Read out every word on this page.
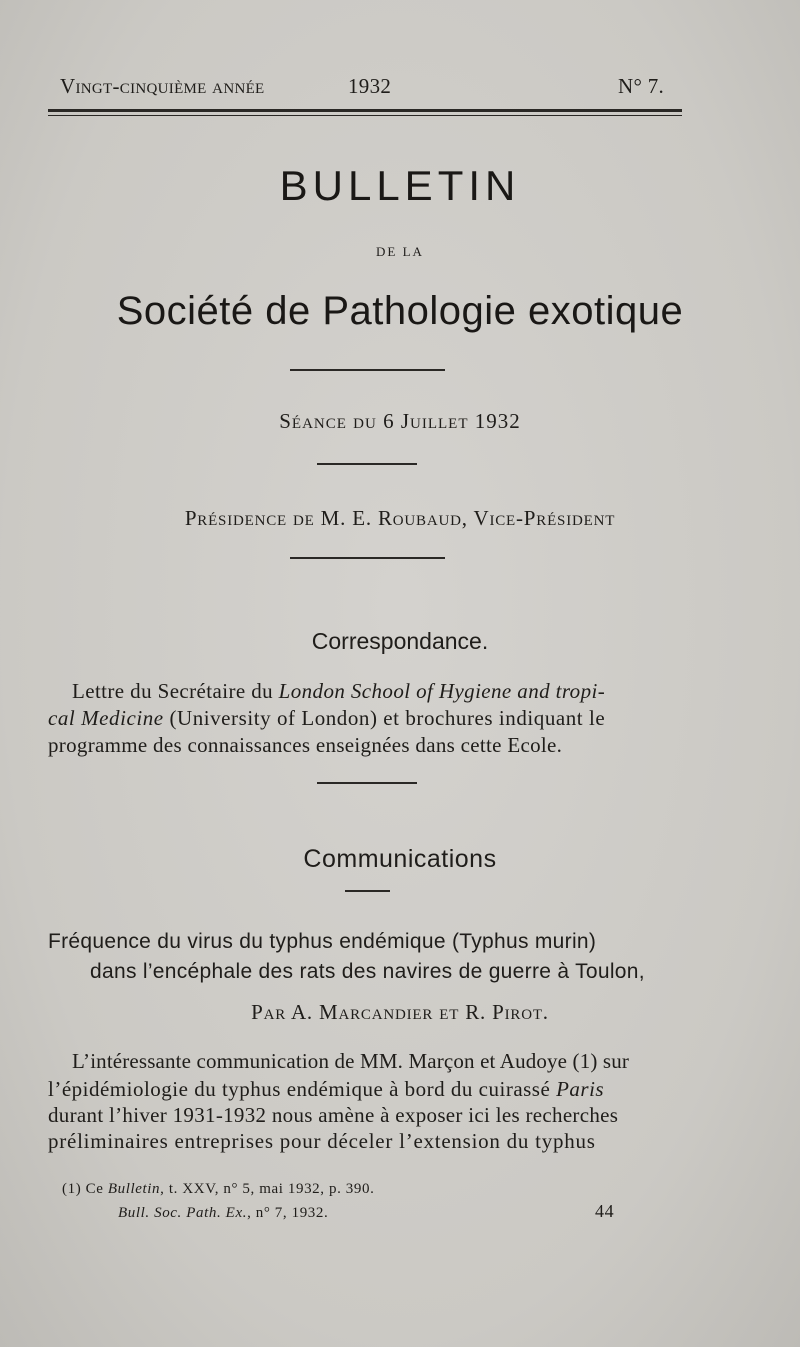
Vingt-cinquième année	1932	N° 7.
BULLETIN
DE LA
Société de Pathologie exotique
Séance du 6 Juillet 1932
Présidence de M. E. Roubaud, Vice-Président
Correspondance.
Lettre du Secrétaire du London School of Hygiene and tropi-
cal Medicine (University of London) et brochures indiquant le
programme des connaissances enseignées dans cette Ecole.
Communications
Fréquence du virus du typhus endémique (Typhus murin)
dans l’encéphale des rats des navires de guerre à Toulon,
Par A. Marcandier et R. Pirot.
L’intéressante communication de MM. Marçon et Audoye (1) sur
l’épidémiologie du typhus endémique à bord du cuirassé Paris
durant l’hiver 1931-1932 nous amène à exposer ici les recherches
préliminaires entreprises pour déceler l’extension du typhus
(1) Ce Bulletin, t. XXV, n° 5, mai 1932, p. 390.
Bull. Soc. Path. Ex., n° 7, 1932.	44
